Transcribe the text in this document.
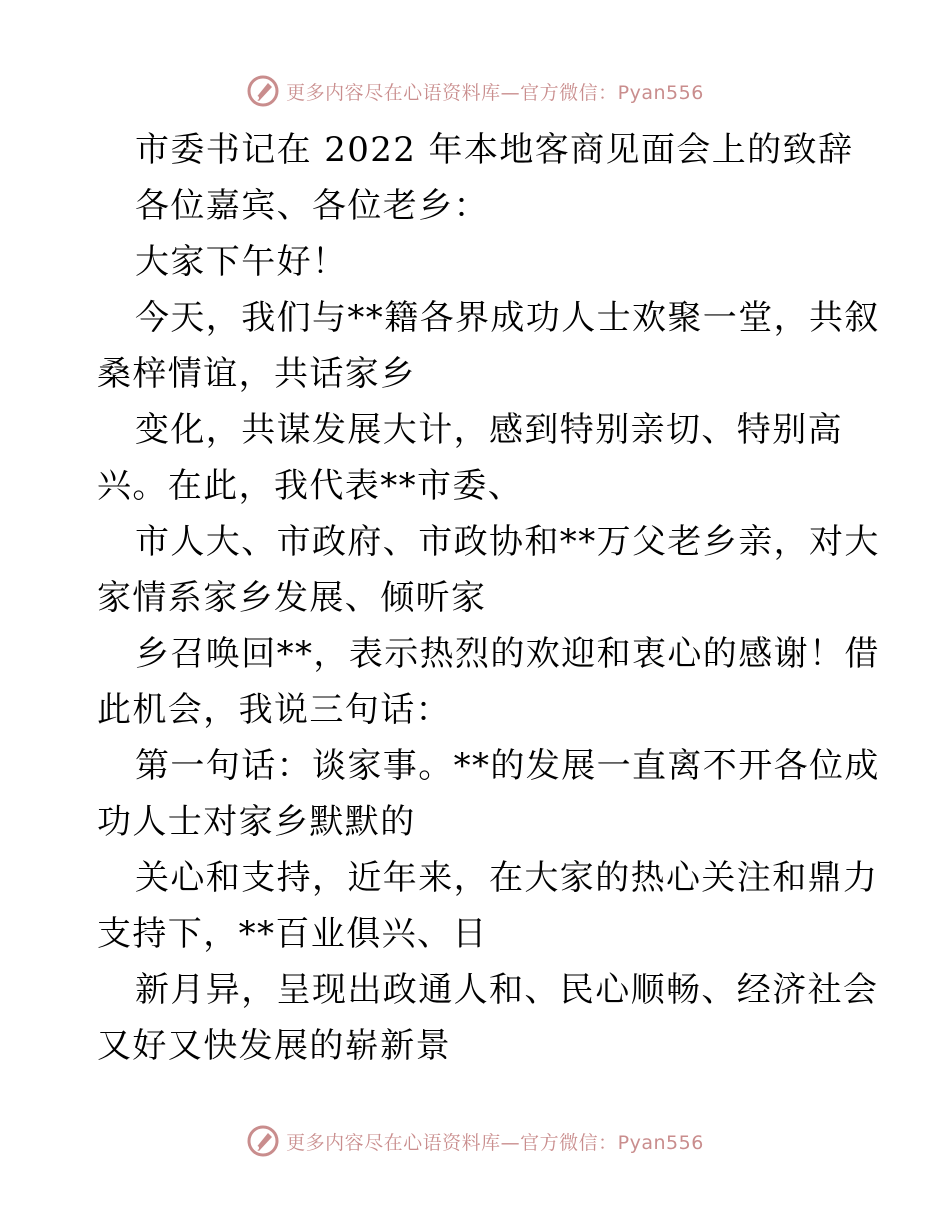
更多内容尽在心语资料库—官方微信：Pyan556
市委书记在 2022 年本地客商见面会上的致辞
各位嘉宾、各位老乡：
大家下午好！
今天，我们与**籍各界成功人士欢聚一堂，共叙
桑梓情谊，共话家乡
变化，共谋发展大计，感到特别亲切、特别高
兴。在此，我代表**市委、
市人大、市政府、市政协和**万父老乡亲，对大
家情系家乡发展、倾听家
乡召唤回**，表示热烈的欢迎和衷心的感谢！借
此机会，我说三句话：
第一句话：谈家事。**的发展一直离不开各位成
功人士对家乡默默的
关心和支持，近年来，在大家的热心关注和鼎力
支持下，**百业俱兴、日
新月异，呈现出政通人和、民心顺畅、经济社会
又好又快发展的崭新景
更多内容尽在心语资料库—官方微信：Pyan556
